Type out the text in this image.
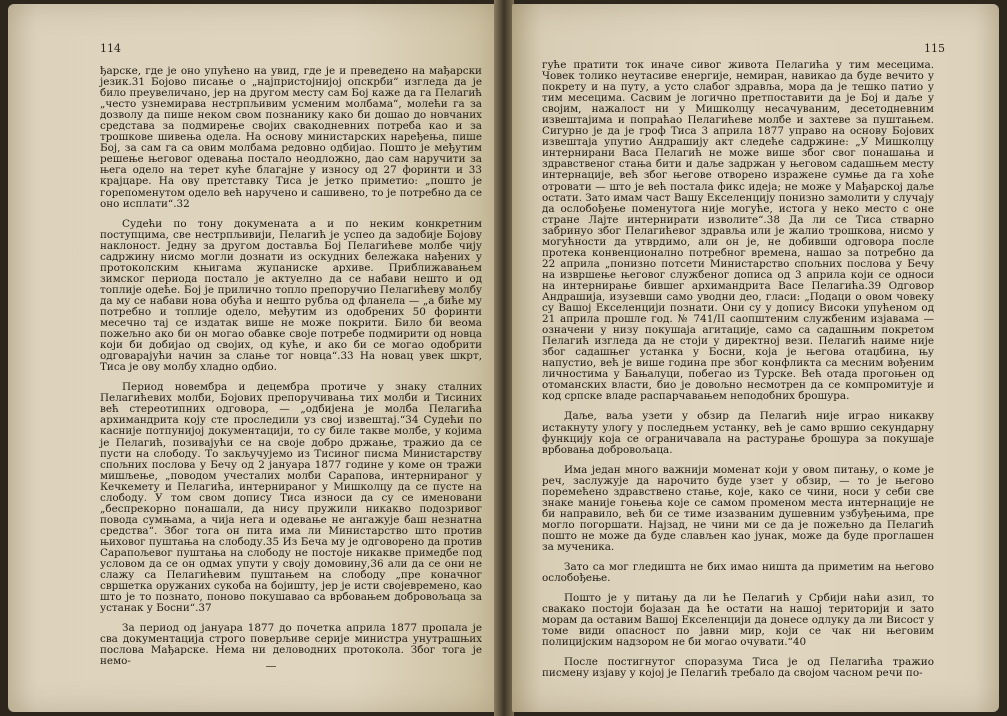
114

ђарске, где је оно упућено на увид, где је и преведено на мађарски језик.31 Бојово писање о „најпристојнијој опскрби“ изгледа да је било преувеличано, јер на другом месту сам Бој каже да га Пелагић „често узнемирава нестрпљивим усменим молбама“, молећи га за дозволу да пише неком свом познанику како би дошао до новчаних средстава за подмирење својих свакодневних потреба као и за трошкове шивења одела. На основу министарских наређења, пише Бој, за сам га са овим молбама редовно одбијао. Пошто је међутим решење његовог одевања постало неодложно, дао сам наручити за њега одело на терет куће благајне у износу од 27 форинти и 33 крајцаре. На ову претставку Тиса је јетко приметио: „пошто је горепоменутом одело већ наручено и сашивено, то је потребно да се оно исплати“.32

Судећи по тону докумената а и по неким конкретним поступцима, све нестрпљивији, Пелагић је успео да задобије Бојову наклоност. Једну за другом доставља Бој Пелагићеве молбе чију садржину нисмо могли дознати из оскудних бележака нађених у протоколским књигама жупаниске архиве. Приближавањем зимског периода постало је актуелно да се набави нешто и од топлије одеће. Бој је прилично топло препоручио Пелагићеву молбу да му се набави нова обућа и нешто рубља од фланела — „а биће му потребно и топлије одело, међутим из одобрених 50 форинти месечно тај се издатак више не може покрити. Било би веома пожељно ако би он могао обавке своје потребе подмирити од новца који би добијао од својих, од куће, и ако би се могао одобрити одговарајући начин за слање тог новца“.33 На новац увек шкрт, Тиса је ову молбу хладно одбио.

Период новембра и децембра протиче у знаку сталних Пелагићевих молби, Бојових препоручивања тих молби и Тисиних већ стереотипних одговора, — „одбијена је молба Пелагића архимандрита коју сте проследили уз свој извештај.“34 Судећи по касније потпунијој документацији, то су биле такве молбе, у којима је Пелагић, позивајући се на своје добро држање, тражио да се пусти на слободу. То закључујемо из Тисиног писма Министарству спољних послова у Бечу од 2 јануара 1877 године у коме он тражи мишљење, „поводом учесталих молби Сарапова, интернираног у Кечкемету и Пелагића, интернираног у Мишколцу да се пусте на слободу. У том свом допису Тиса износи да су се именовани „беспрекорно понашали, да нису пружили никакво подозривог повода сумњама, а чија нега и одевање не ангажује баш незнатна средства“. Због тога он пита има ли Министарство што против њиховог пуштања на слободу.35 Из Беча му је одговорено да против Сарапољевог пуштања на слободу не постоје никакве примедбе под условом да се он одмах упути у своју домовину,36 али да се они не слажу са Пелагићевим пуштањем на слободу „пре коначног свршетка оружаних сукоба на бојишту, јер је исти својевремено, као што је то познато, поново покушавао са врбовањем добровољаца за устанак у Босни“.37

За период од јануара 1877 до почетка априла 1877 пропала је сва документација строго поверљиве серије министра унутрашњих послова Мађарске. Нема ни деловодних протокола. Због тога је немо-

115

гуће пратити ток иначе сивог живота Пелагића у тим месецима. Човек толико неутасиве енергије, немиран, навикао да буде вечито у покрету и на путу, а усто слабог здравља, мора да је тешко патио у тим месецима. Сасвим је логично претпоставити да је Бој и даље у својим, нажалост ни у Мишколцу несачуваним, десетодневним извештајима и попраћао Пелагићеве молбе и захтеве за пуштањем. Сигурно је да је гроф Тиса 3 априла 1877 управо на основу Бојових извештаја упутио Андрашију акт следеће садржине: „У Мишколцу интернирани Васа Пелагић не може више због свог понашања и здравственог стања бити и даље задржан у његовом садашњем месту интернације, већ због његове отворено изражене сумње да га хоће отровати — што је већ постала фикс идеја; не може у Мађарској даље остати. Зато имам част Вашу Екселенцију понизно замолити у случају да ослобођење поменутога није могуће, истога у неко место с оне стране Лајте интернирати изволите“.38 Да ли се Тиса стварно забринуо због Пелагићевог здравља или је жалио трошкова, нисмо у могућности да утврдимо, али он је, не добивши одговора после протека конвенционално потребног времена, нашао за потребно да 22 априла „понизно потсети Министарство спољних послова у Бечу на извршење његовог службеног дописа од 3 априла који се односи на интернирање бившег архимандрита Васе Пелагића.39 Одговор Андрашија, изузевши само уводни део, гласи: „Подаци о овом човеку су Вашој Екселенцији познати. Они су у допису Високи упућеном од 21 априла прошле год. № 741/II саопштеним службеним изјавама — означени у низу покушаја агитације, само са садашњим покретом Пелагић изгледа да не стоји у директној вези. Пелагић наиме није због садашњег устанка у Босни, која је његова отаџбина, њу напустио, већ је више година пре због конфликта са месним вођеним личностима у Бањалуци, побегао из Турске. Већ отада прогоњен од отоманских власти, био је довољно несмотрен да се компромитује и код српске владе распарчавањем неподобних брошура.

Даље, ваља узети у обзир да Пелагић није играо никакву истакнуту улогу у последњем устанку, већ је само вршио секундарну функцију која се ограничавала на растурање брошура за покушаје врбовања добровољаца.

Има један много важнији моменат који у овом питању, о коме је реч, заслужује да нарочито буде узет у обзир, — то је његово поремећено здравствено стање, које, како се чини, носи у себи све знаке маније гоњења које се самом променом места интернације не би напрaвило, већ би се тиме изазваним душевним узбуђењима, пре могло погоршати. Најзад, не чини ми се да је пожељно да Пелагић пошто не може да буде слављен као јунак, може да буде проглашен за мученика.

Зато са мог гледишта не бих имао ништа да приметим на његово ослобођење.

Пошто је у питању да ли ће Пелагић у Србији наћи азил, то свакако постоји бојазан да ће остати на нашој територији и зато морам да оставим Вашој Екселенцији да донесе одлуку да ли Висост у томе види опасност по јавни мир, који се чак ни његовим полицијским надзором не би могао очувати.“40

После постигнутог споразума Тиса је од Пелагића тражио писмену изјаву у којој је Пелагић требало да својом часном речи по-
